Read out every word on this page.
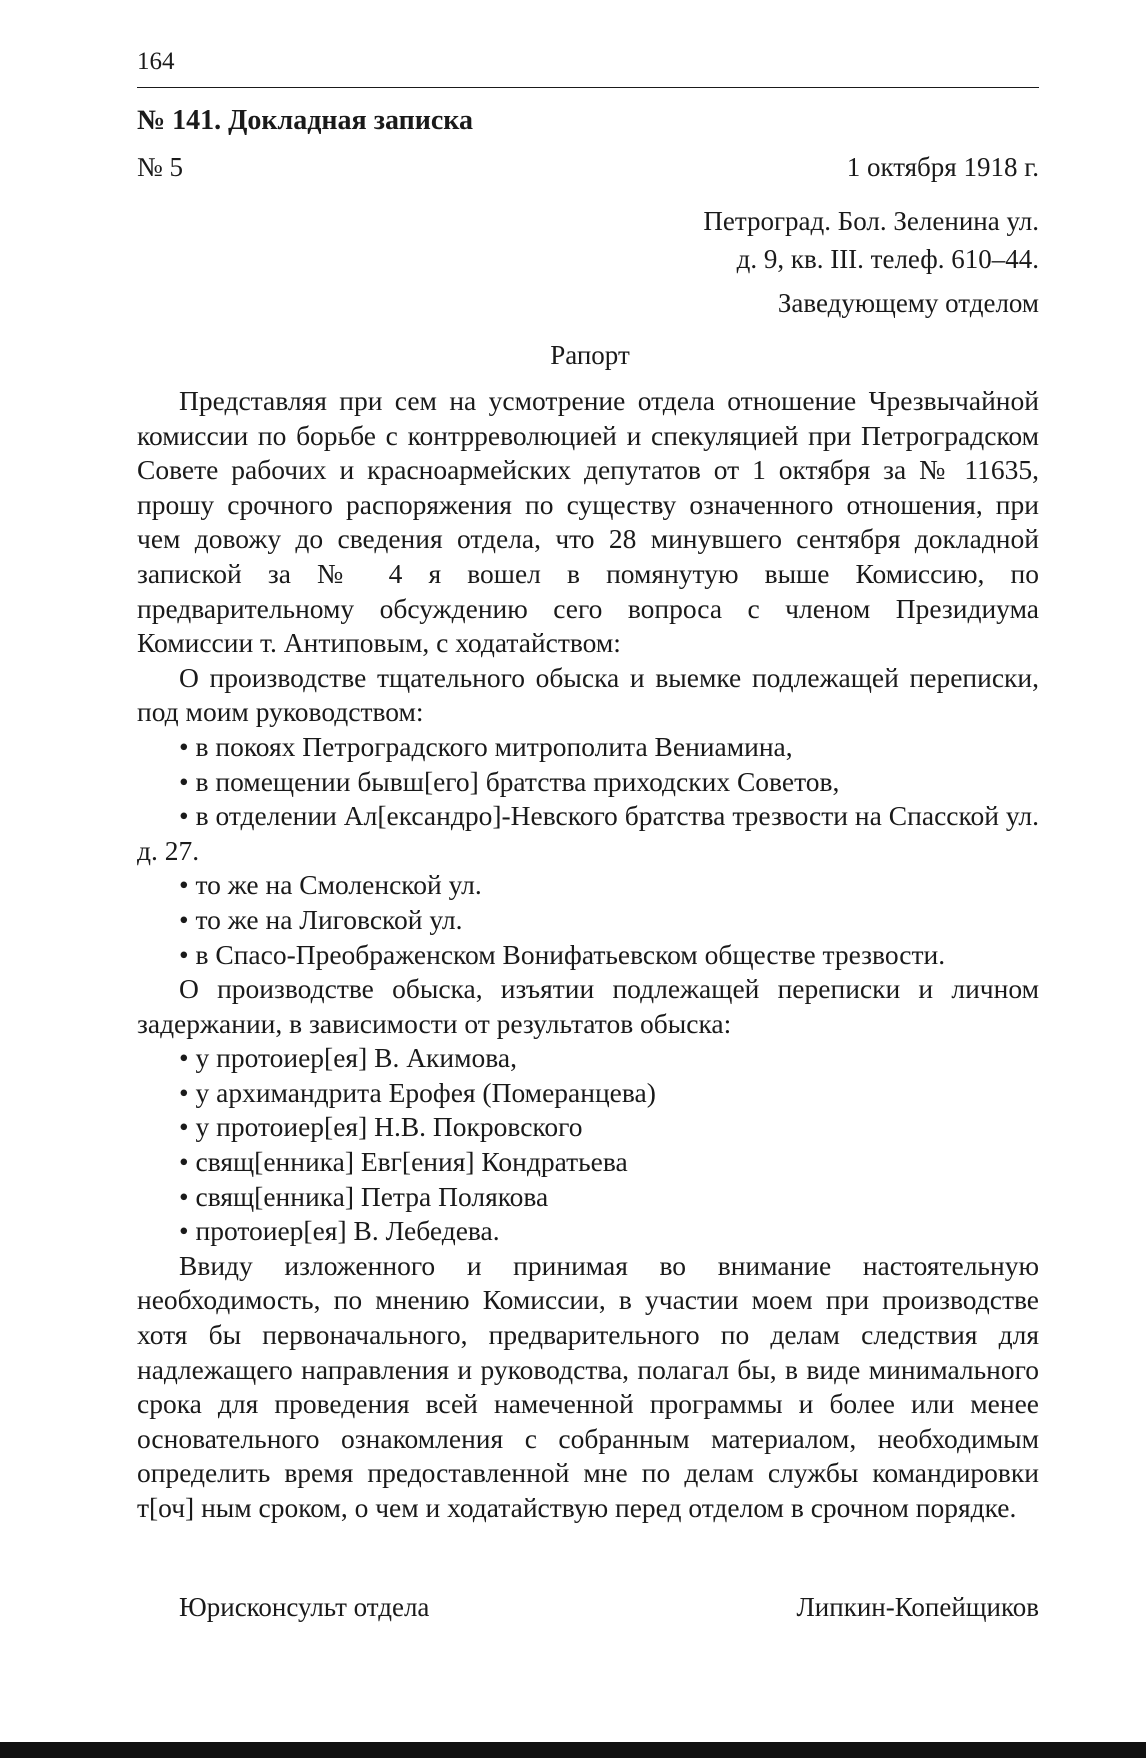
164
№ 141. Докладная записка
№ 5	1 октября 1918 г.
Петроград. Бол. Зеленина ул.
д. 9, кв. III. телеф. 610–44.
Заведующему отделом
Рапорт

Представляя при сем на усмотрение отдела отношение Чрезвычайной комиссии по борьбе с контрреволюцией и спекуляцией при Петроградском Совете рабочих и красноармейских депутатов от 1 октября за № 11635, прошу срочного распоряжения по существу означенного отношения, при чем довожу до сведения отдела, что 28 минувшего сентября докладной запиской за № 4 я вошел в помянутую выше Комиссию, по предварительному обсуждению сего вопроса с членом Президиума Комиссии т. Антиповым, с ходатайством:

О производстве тщательного обыска и выемке подлежащей переписки, под моим руководством:

• в покоях Петроградского митрополита Вениамина,

• в помещении бывш[его] братства приходских Советов,

• в отделении Ал[ександро]-Невского братства трезвости на Спасской ул. д. 27.

• то же на Смоленской ул.

• то же на Лиговской ул.

• в Спасо-Преображенском Вонифатьевском обществе трезвости.

О производстве обыска, изъятии подлежащей переписки и личном задержании, в зависимости от результатов обыска:

• у протоиер[ея] В. Акимова,

• у архимандрита Ерофея (Померанцева)

• у протоиер[ея] Н.В. Покровского

• свящ[енника] Евг[ения] Кондратьева

• свящ[енника] Петра Полякова

• протоиер[ея] В. Лебедева.

Ввиду изложенного и принимая во внимание настоятельную необходимость, по мнению Комиссии, в участии моем при производстве хотя бы первоначального, предварительного по делам следствия для надлежащего направления и руководства, полагал бы, в виде минимального срока для проведения всей намеченной программы и более или менее основательного ознакомления с собранным материалом, необходимым определить время предоставленной мне по делам службы командировки т[оч] ным сроком, о чем и ходатайствую перед отделом в срочном порядке.

Юрисконсульт отдела	Липкин-Копейщиков
